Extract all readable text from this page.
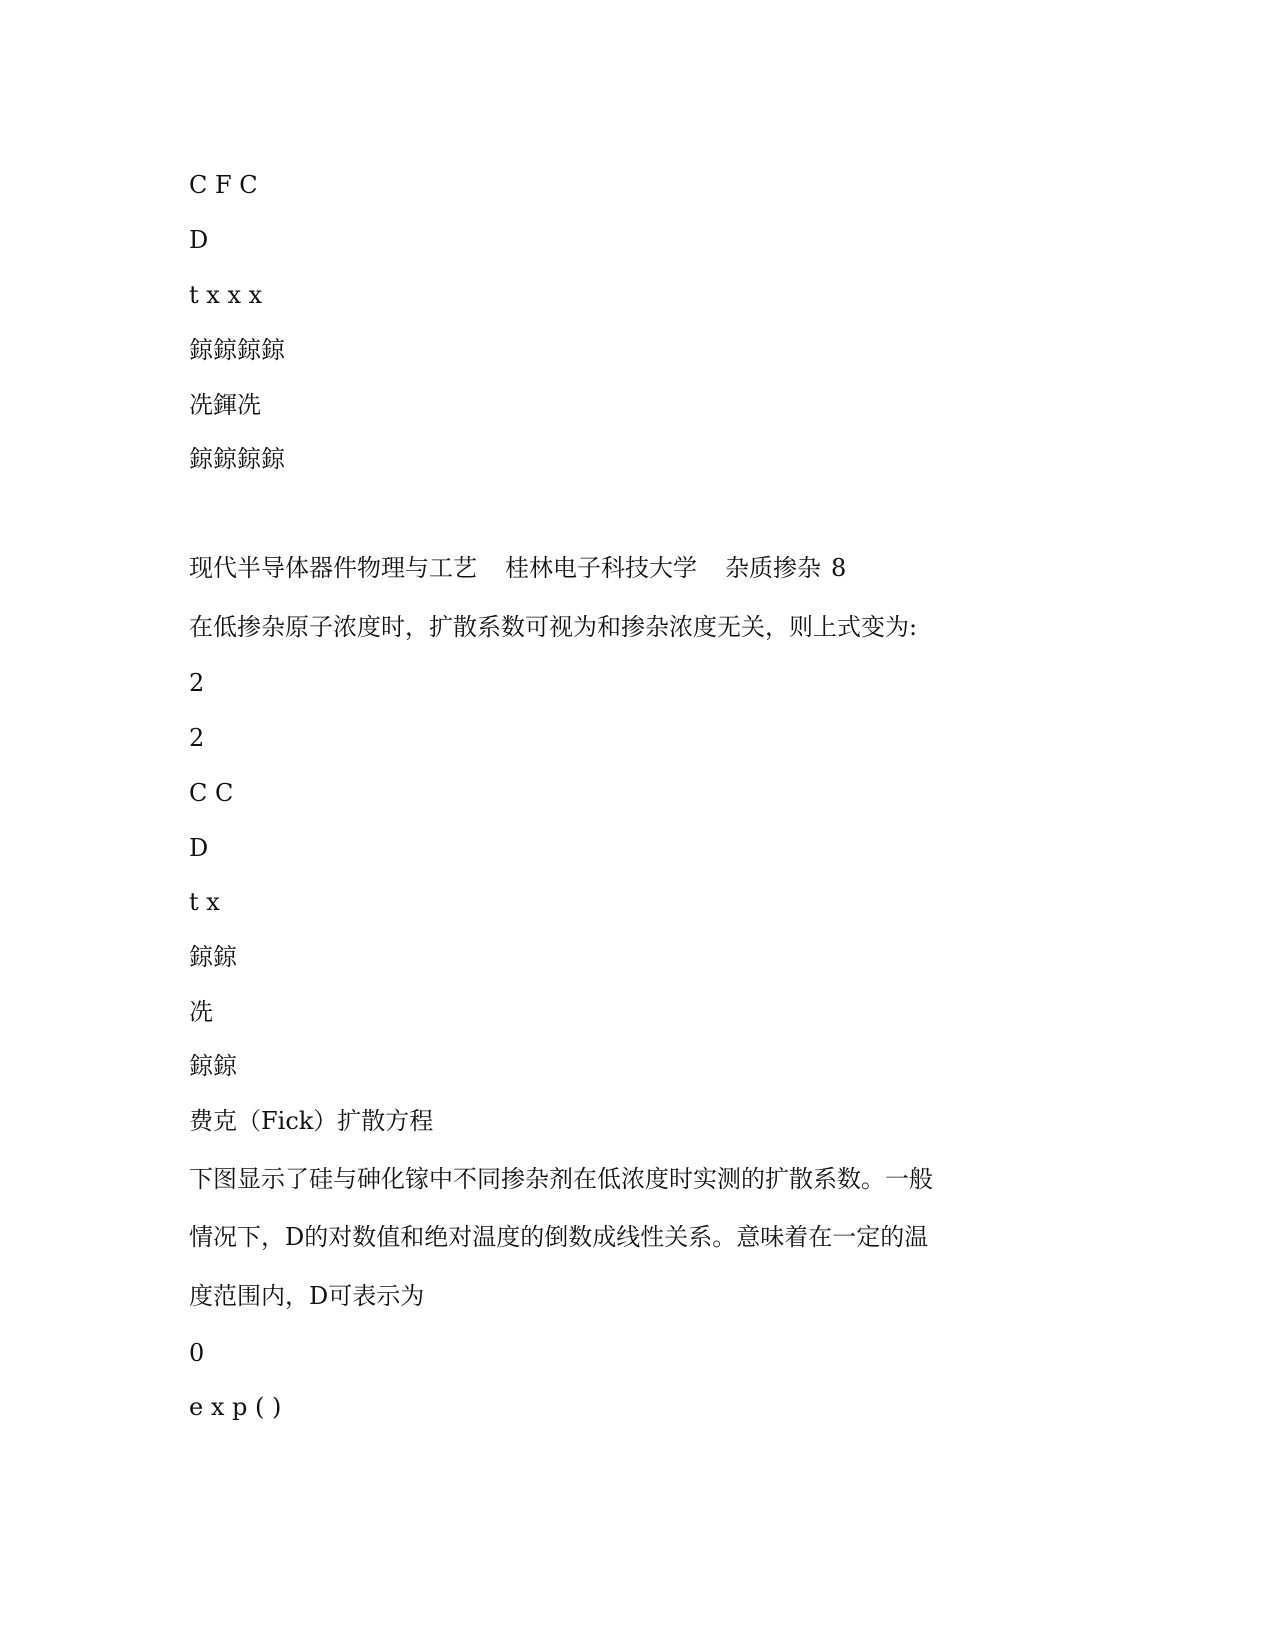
C F C

D

t x x x

鍄鍄鍄鍄

冼鍕冼

鍄鍄鍄鍄

现代半导体器件物理与工艺 桂林电子科技大学 杂质掺杂 8

在低掺杂原子浓度时，扩散系数可视为和掺杂浓度无关，则上式变为:

2

2

C C

D

t x

鍄鍄

冼

鍄鍄

费克（Fick）扩散方程

下图显示了硅与砷化镓中不同掺杂剂在低浓度时实测的扩散系数。一般

情况下，D的对数值和绝对温度的倒数成线性关系。意味着在一定的温

度范围内，D可表示为

0

e x p ( )
